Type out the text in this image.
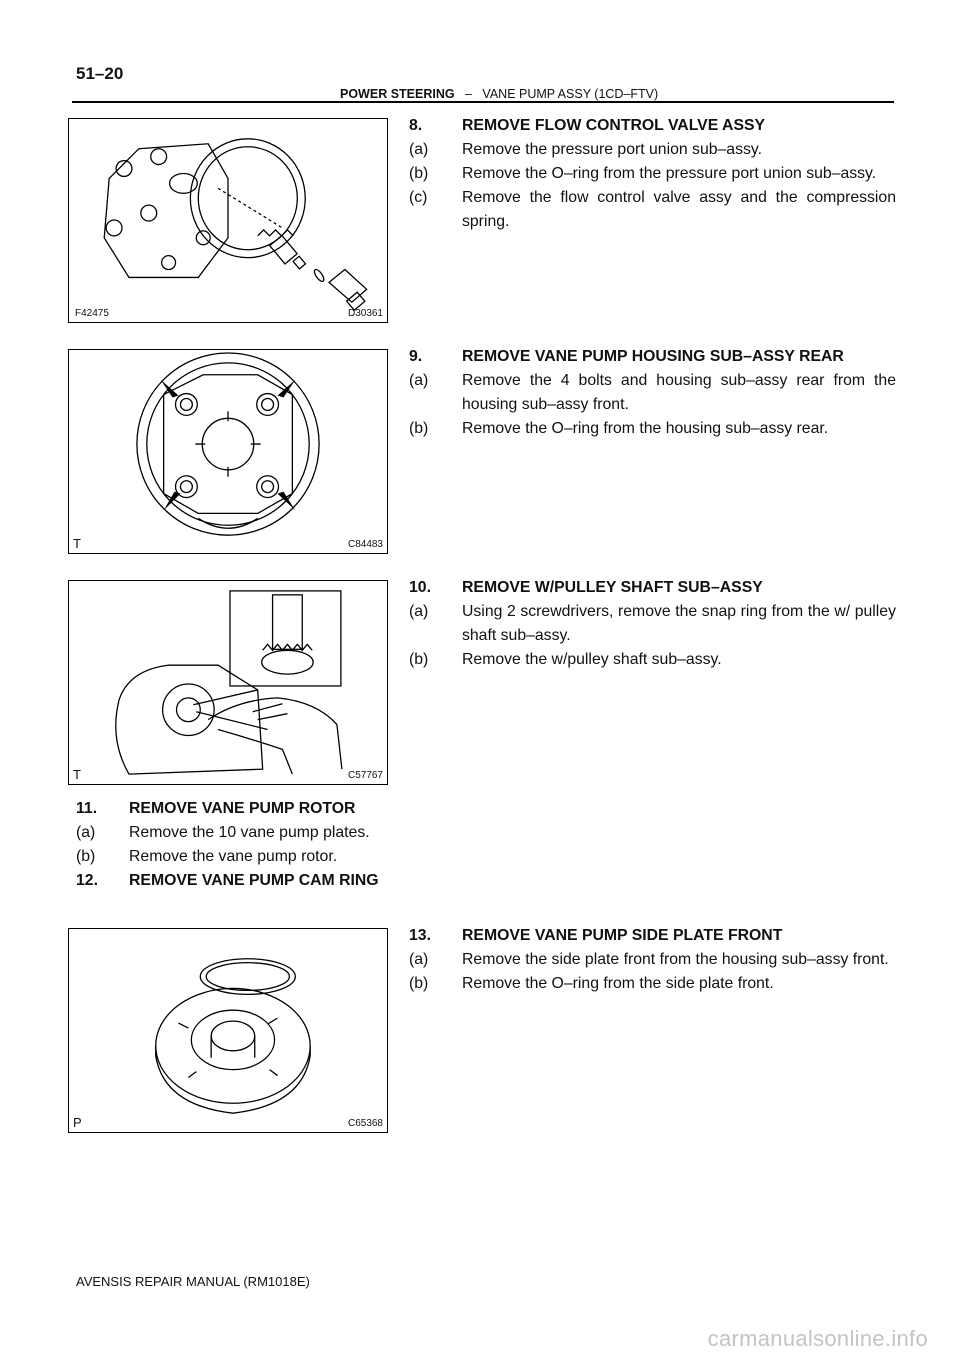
51–20
POWER STEERING – VANE PUMP ASSY (1CD–FTV)
F42475	D30361
T	C84483
T	C57767
P	C65368
8.	REMOVE FLOW CONTROL VALVE ASSY
(a)	Remove the pressure port union sub–assy.
(b)	Remove the O–ring from the pressure port union sub–assy.
(c)	Remove the flow control valve assy and the compression spring.
9.	REMOVE VANE PUMP HOUSING SUB–ASSY REAR
(a)	Remove the 4 bolts and housing sub–assy rear from the housing sub–assy front.
(b)	Remove the O–ring from the housing sub–assy rear.
10.	REMOVE W/PULLEY SHAFT SUB–ASSY
(a)	Using 2 screwdrivers, remove the snap ring from the w/ pulley shaft sub–assy.
(b)	Remove the w/pulley shaft sub–assy.
11.	REMOVE VANE PUMP ROTOR
(a)	Remove the 10 vane pump plates.
(b)	Remove the vane pump rotor.
12.	REMOVE VANE PUMP CAM RING
13.	REMOVE VANE PUMP SIDE PLATE FRONT
(a)	Remove the side plate front from the housing sub–assy front.
(b)	Remove the O–ring from the side plate front.
AVENSIS REPAIR MANUAL (RM1018E)
carmanualsonline.info
